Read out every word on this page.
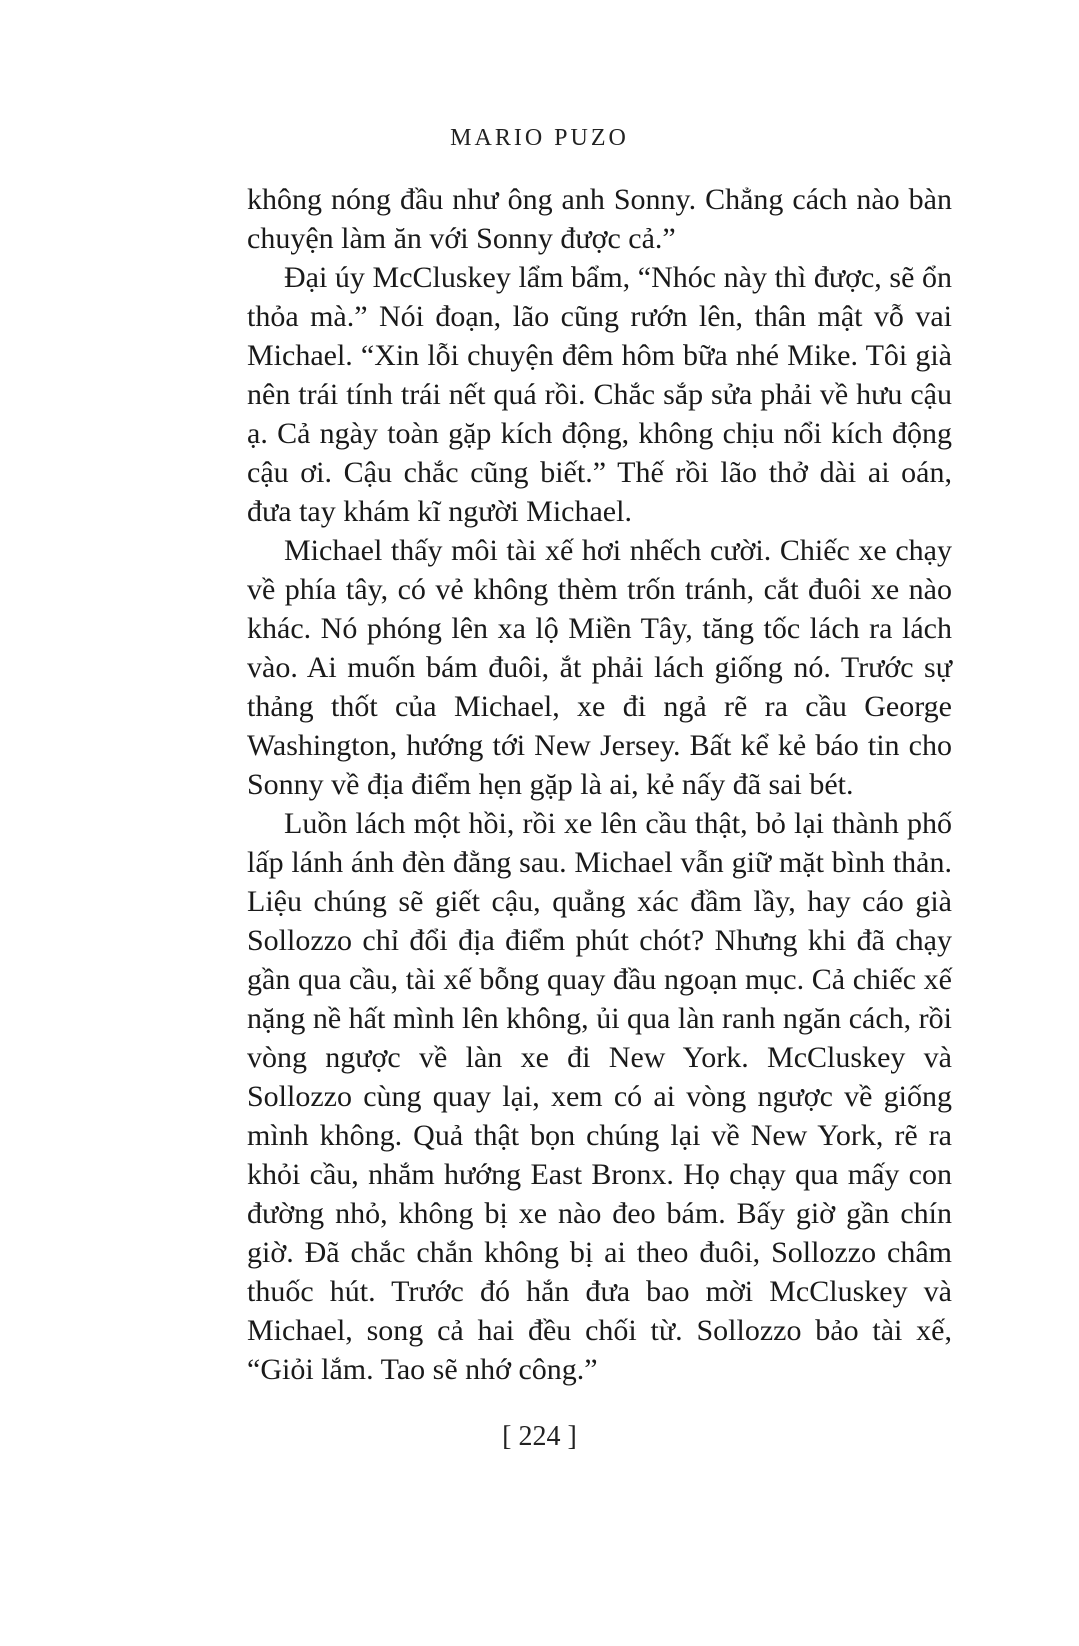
MARIO PUZO

không nóng đầu như ông anh Sonny. Chẳng cách nào bàn chuyện làm ăn với Sonny được cả.”

Đại úy McCluskey lẩm bẩm, “Nhóc này thì được, sẽ ổn thỏa mà.” Nói đoạn, lão cũng rướn lên, thân mật vỗ vai Michael. “Xin lỗi chuyện đêm hôm bữa nhé Mike. Tôi già nên trái tính trái nết quá rồi. Chắc sắp sửa phải về hưu cậu ạ. Cả ngày toàn gặp kích động, không chịu nổi kích động cậu ơi. Cậu chắc cũng biết.” Thế rồi lão thở dài ai oán, đưa tay khám kĩ người Michael.

Michael thấy môi tài xế hơi nhếch cười. Chiếc xe chạy về phía tây, có vẻ không thèm trốn tránh, cắt đuôi xe nào khác. Nó phóng lên xa lộ Miền Tây, tăng tốc lách ra lách vào. Ai muốn bám đuôi, ắt phải lách giống nó. Trước sự thảng thốt của Michael, xe đi ngả rẽ ra cầu George Washington, hướng tới New Jersey. Bất kể kẻ báo tin cho Sonny về địa điểm hẹn gặp là ai, kẻ nấy đã sai bét.

Luồn lách một hồi, rồi xe lên cầu thật, bỏ lại thành phố lấp lánh ánh đèn đằng sau. Michael vẫn giữ mặt bình thản. Liệu chúng sẽ giết cậu, quẳng xác đầm lầy, hay cáo già Sollozzo chỉ đổi địa điểm phút chót? Nhưng khi đã chạy gần qua cầu, tài xế bỗng quay đầu ngoạn mục. Cả chiếc xế nặng nề hất mình lên không, ủi qua làn ranh ngăn cách, rồi vòng ngược về làn xe đi New York. McCluskey và Sollozzo cùng quay lại, xem có ai vòng ngược về giống mình không. Quả thật bọn chúng lại về New York, rẽ ra khỏi cầu, nhắm hướng East Bronx. Họ chạy qua mấy con đường nhỏ, không bị xe nào đeo bám. Bấy giờ gần chín giờ. Đã chắc chắn không bị ai theo đuôi, Sollozzo châm thuốc hút. Trước đó hắn đưa bao mời McCluskey và Michael, song cả hai đều chối từ. Sollozzo bảo tài xế, “Giỏi lắm. Tao sẽ nhớ công.”

[ 224 ]
